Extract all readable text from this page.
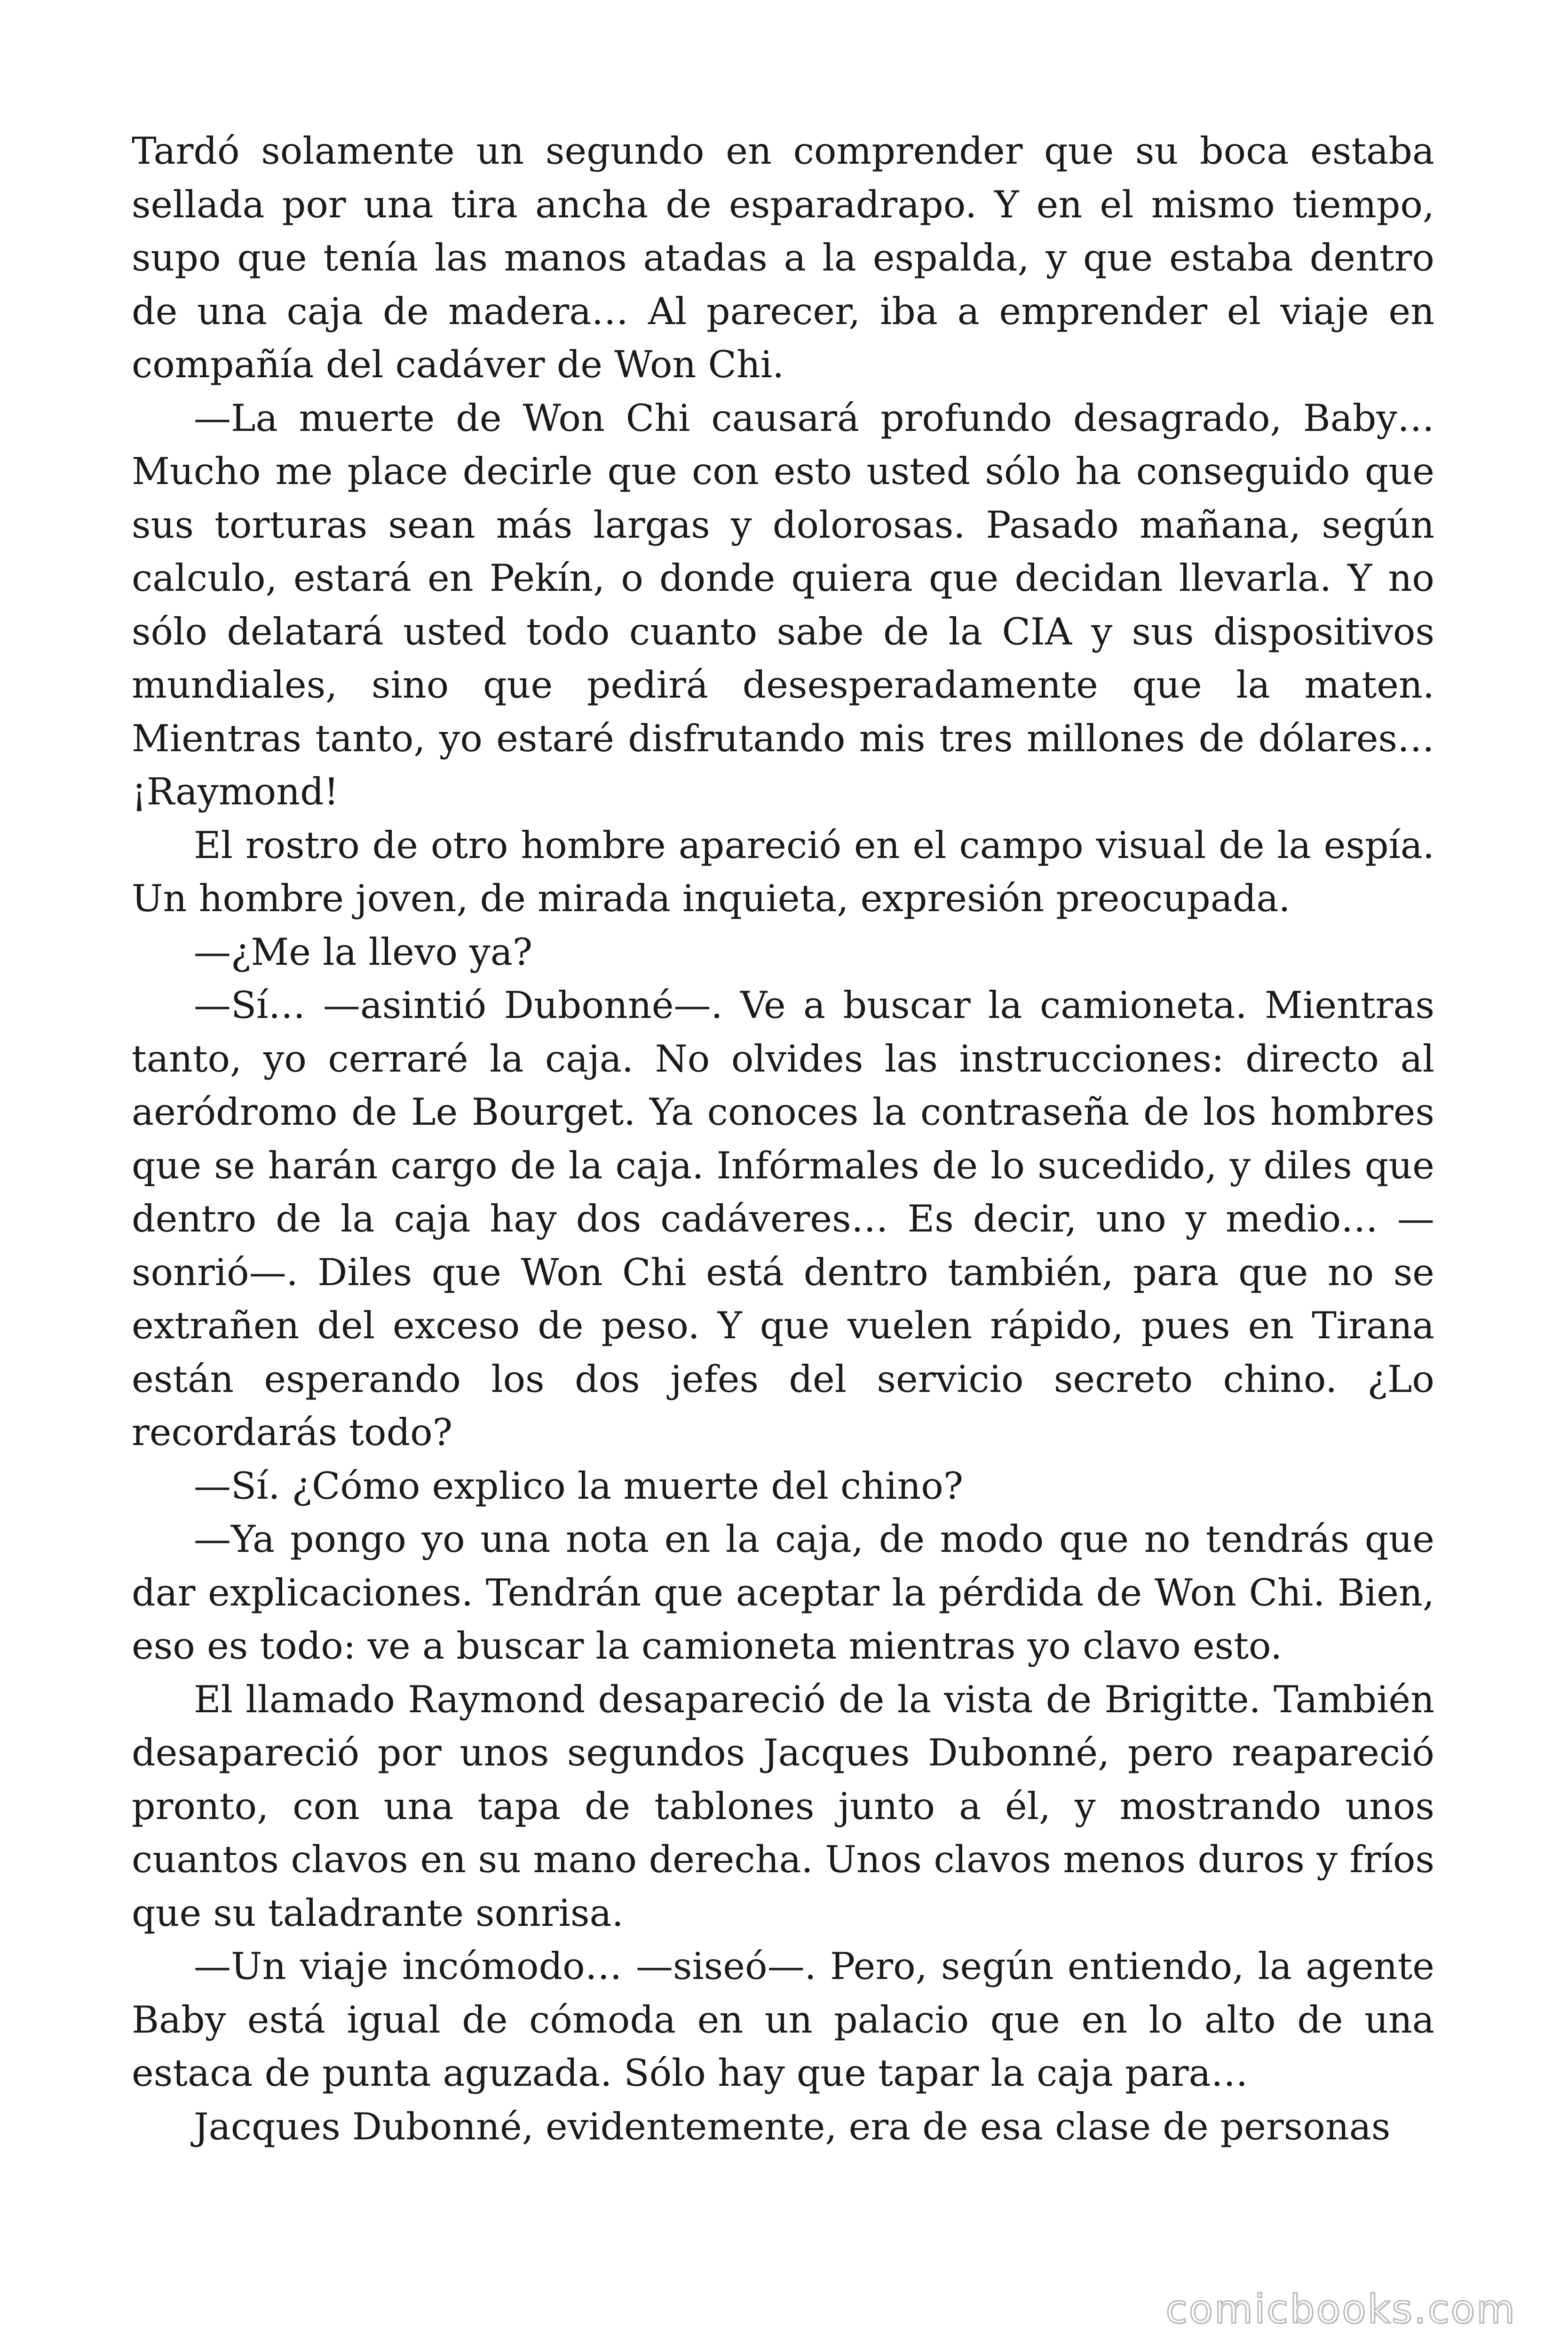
Tardó solamente un segundo en comprender que su boca estaba sellada por una tira ancha de esparadrapo. Y en el mismo tiempo, supo que tenía las manos atadas a la espalda, y que estaba dentro de una caja de madera… Al parecer, iba a emprender el viaje en compañía del cadáver de Won Chi.

—La muerte de Won Chi causará profundo desagrado, Baby… Mucho me place decirle que con esto usted sólo ha conseguido que sus torturas sean más largas y dolorosas. Pasado mañana, según calculo, estará en Pekín, o donde quiera que decidan llevarla. Y no sólo delatará usted todo cuanto sabe de la CIA y sus dispositivos mundiales, sino que pedirá desesperadamente que la maten. Mientras tanto, yo estaré disfrutando mis tres millones de dólares… ¡Raymond!

El rostro de otro hombre apareció en el campo visual de la espía. Un hombre joven, de mirada inquieta, expresión preocupada.

—¿Me la llevo ya?

—Sí… —asintió Dubonné—. Ve a buscar la camioneta. Mientras tanto, yo cerraré la caja. No olvides las instrucciones: directo al aeródromo de Le Bourget. Ya conoces la contraseña de los hombres que se harán cargo de la caja. Infórmales de lo sucedido, y diles que dentro de la caja hay dos cadáveres… Es decir, uno y medio… —sonrió—. Diles que Won Chi está dentro también, para que no se extrañen del exceso de peso. Y que vuelen rápido, pues en Tirana están esperando los dos jefes del servicio secreto chino. ¿Lo recordarás todo?

—Sí. ¿Cómo explico la muerte del chino?

—Ya pongo yo una nota en la caja, de modo que no tendrás que dar explicaciones. Tendrán que aceptar la pérdida de Won Chi. Bien, eso es todo: ve a buscar la camioneta mientras yo clavo esto.

El llamado Raymond desapareció de la vista de Brigitte. También desapareció por unos segundos Jacques Dubonné, pero reapareció pronto, con una tapa de tablones junto a él, y mostrando unos cuantos clavos en su mano derecha. Unos clavos menos duros y fríos que su taladrante sonrisa.

—Un viaje incómodo… —siseó—. Pero, según entiendo, la agente Baby está igual de cómoda en un palacio que en lo alto de una estaca de punta aguzada. Sólo hay que tapar la caja para…

Jacques Dubonné, evidentemente, era de esa clase de personas

comicbooks.com
